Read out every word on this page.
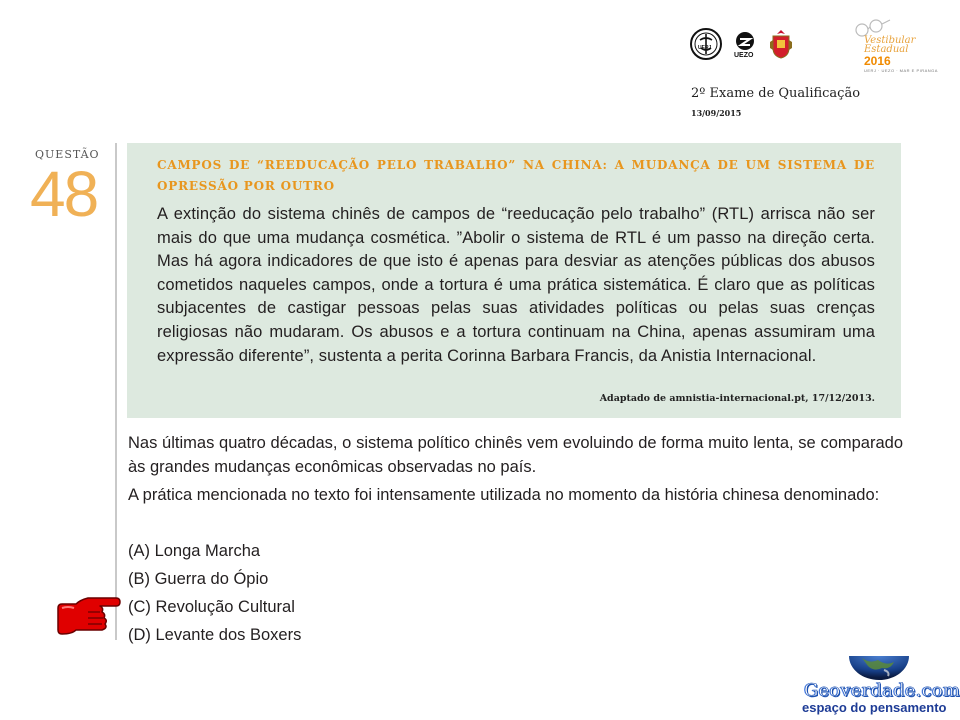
UERJ
UEZO
Vestibular
Estadual
2016
UERJ · UEZO · MAR E PIRANGA
2º Exame de Qualificação
13/09/2015
QUESTÃO
48	CAMPOS DE “REEDUCAÇÃO PELO TRABALHO” NA CHINA: A MUDANÇA DE UM SISTEMA DE OPRESSÃO POR OUTRO

A extinção do sistema chinês de campos de “reeducação pelo trabalho” (RTL) arrisca não ser mais do que uma mudança cosmética. ”Abolir o sistema de RTL é um passo na direção certa. Mas há agora indicadores de que isto é apenas para desviar as atenções públicas dos abusos cometidos naqueles campos, onde a tortura é uma prática sistemática. É claro que as políticas subjacentes de castigar pessoas pelas suas atividades políticas ou pelas suas crenças religiosas não mudaram. Os abusos e a tortura continuam na China, apenas assumiram uma expressão diferente”, sustenta a perita Corinna Barbara Francis, da Anistia Internacional.

Adaptado de amnistia-internacional.pt, 17/12/2013.

Nas últimas quatro décadas, o sistema político chinês vem evoluindo de forma muito lenta, se comparado às grandes mudanças econômicas observadas no país.

A prática mencionada no texto foi intensamente utilizada no momento da história chinesa denominado:

(A) Longa Marcha
(B) Guerra do Ópio
(C) Revolução Cultural
(D) Levante dos Boxers
Geoverdade.com
espaço do pensamento
